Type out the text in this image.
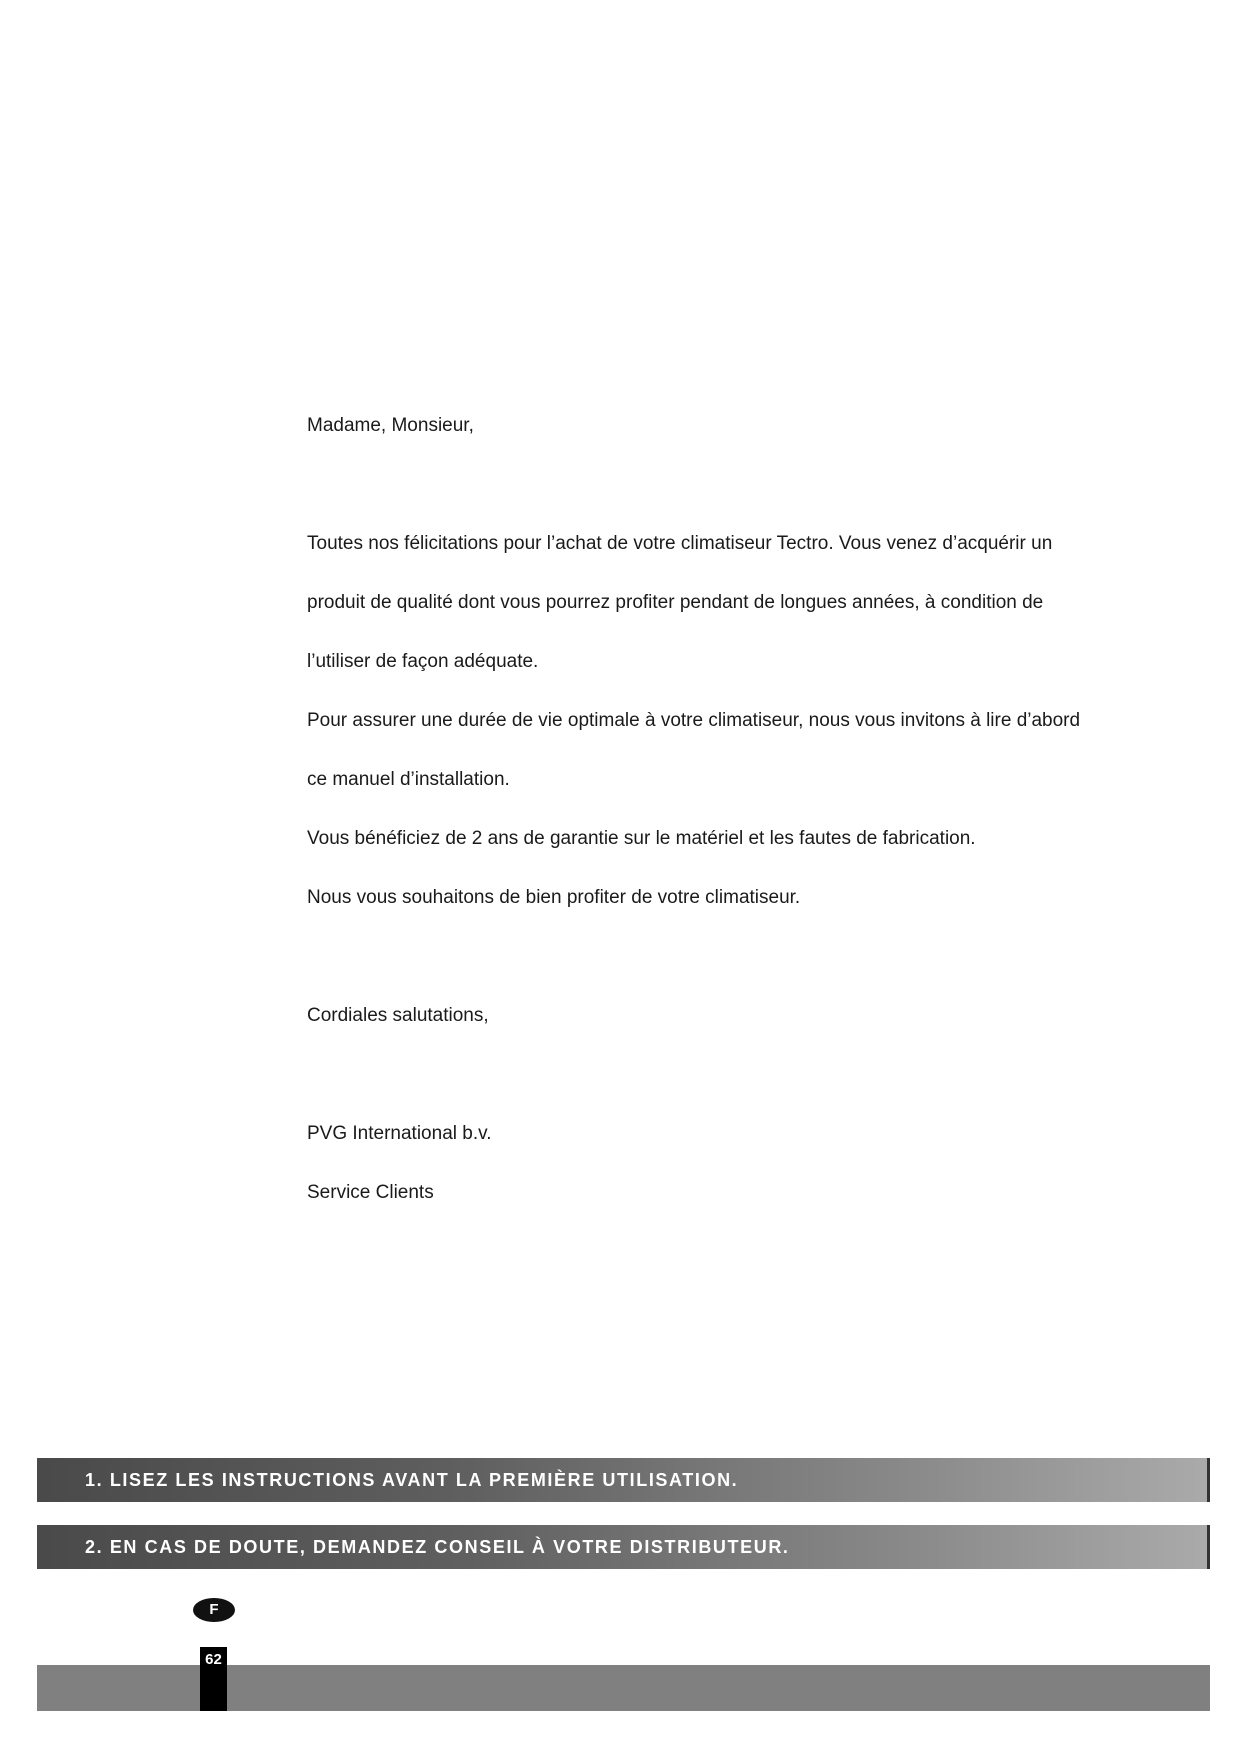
Madame, Monsieur,

Toutes nos félicitations pour l’achat de votre climatiseur Tectro. Vous venez d’acquérir un

produit de qualité dont vous pourrez profiter pendant de longues années, à condition de

l’utiliser de façon adéquate.

Pour assurer une durée de vie optimale à votre climatiseur, nous vous invitons à lire d’abord

ce manuel d’installation.

Vous bénéficiez de 2 ans de garantie sur le matériel et les fautes de fabrication.

Nous vous souhaitons de bien profiter de votre climatiseur.

Cordiales salutations,

PVG International b.v.

Service Clients

1. LISEZ LES INSTRUCTIONS AVANT LA PREMIÈRE UTILISATION.
2. EN CAS DE DOUTE, DEMANDEZ CONSEIL À VOTRE DISTRIBUTEUR.
F
62
